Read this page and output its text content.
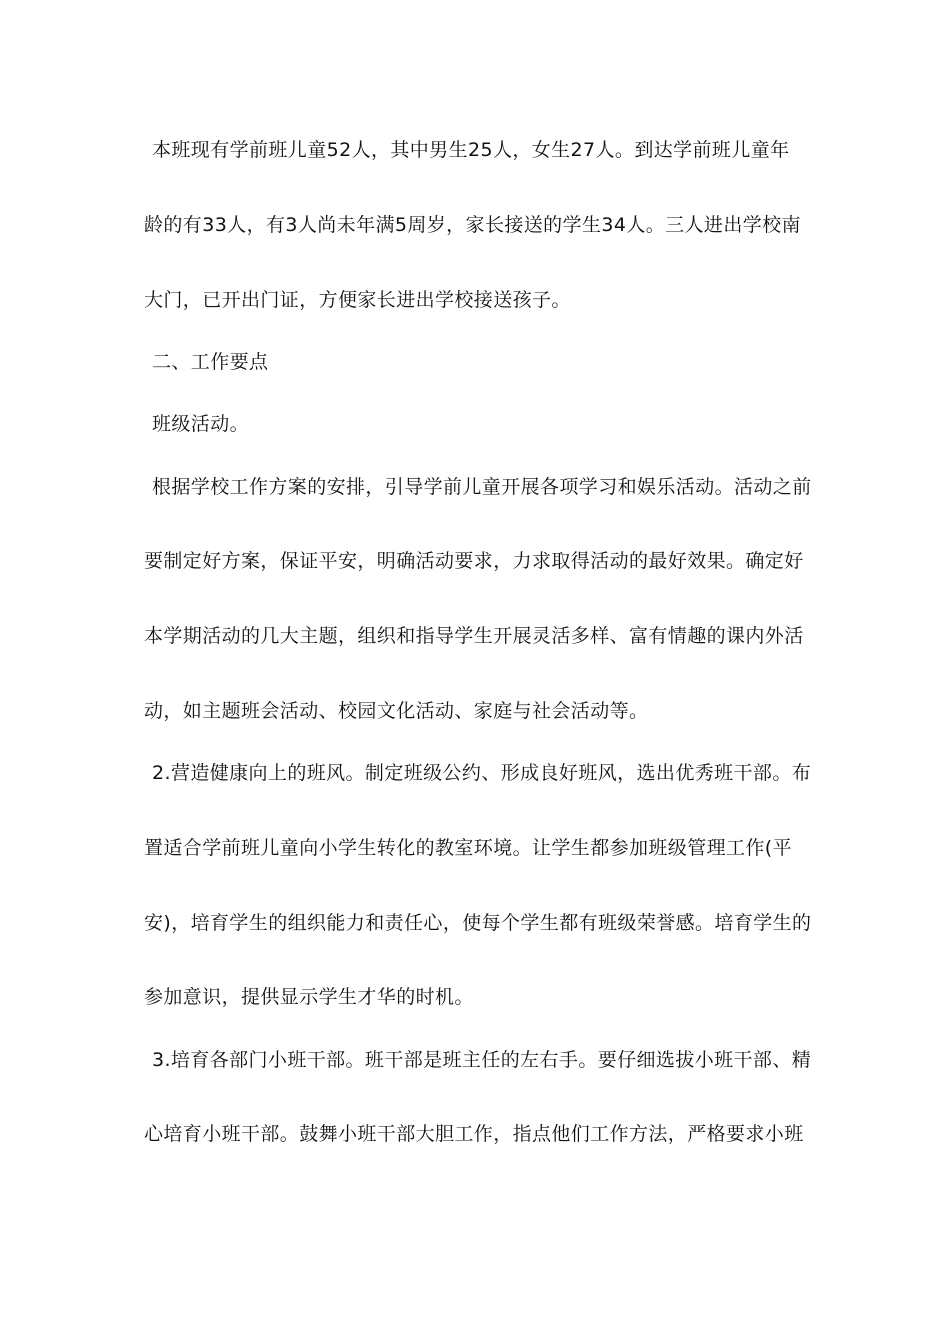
本班现有学前班儿童52人，其中男生25人，女生27人。到达学前班儿童年
龄的有33人，有3人尚未年满5周岁，家长接送的学生34人。三人进出学校南
大门，已开出门证，方便家长进出学校接送孩子。
二、工作要点
班级活动。
根据学校工作方案的安排，引导学前儿童开展各项学习和娱乐活动。活动之前
要制定好方案，保证平安，明确活动要求，力求取得活动的最好效果。确定好
本学期活动的几大主题，组织和指导学生开展灵活多样、富有情趣的课内外活
动，如主题班会活动、校园文化活动、家庭与社会活动等。
2.营造健康向上的班风。制定班级公约、形成良好班风，选出优秀班干部。布
置适合学前班儿童向小学生转化的教室环境。让学生都参加班级管理工作(平
安)，培育学生的组织能力和责任心，使每个学生都有班级荣誉感。培育学生的
参加意识，提供显示学生才华的时机。
3.培育各部门小班干部。班干部是班主任的左右手。要仔细选拔小班干部、精
心培育小班干部。鼓舞小班干部大胆工作，指点他们工作方法，严格要求小班
